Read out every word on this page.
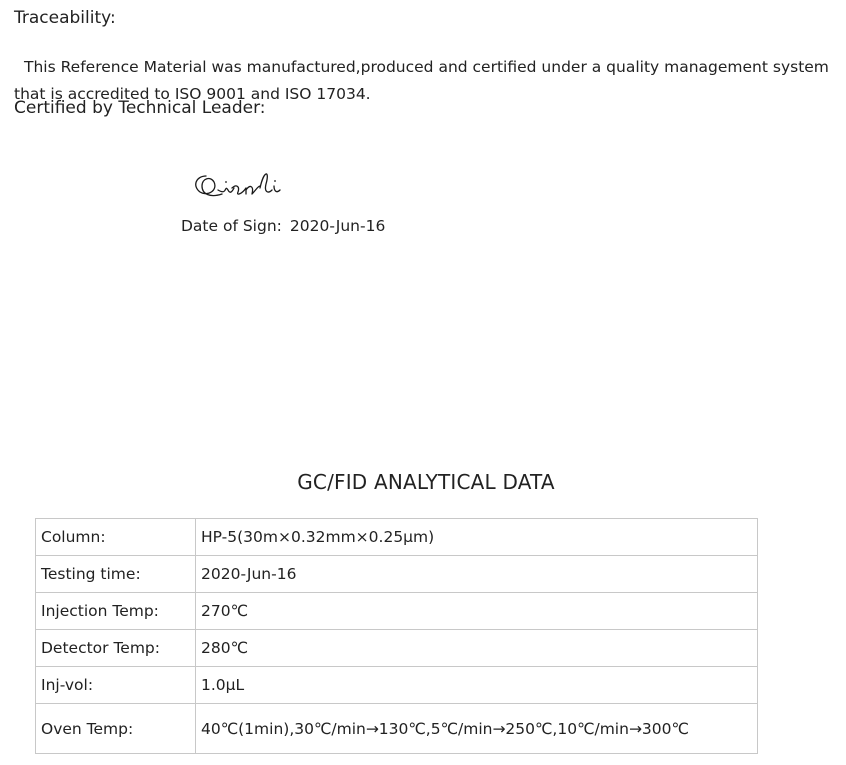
Traceability:
This Reference Material was manufactured,produced and certified under a quality management system that is accredited to ISO 9001 and ISO 17034.
Certified by Technical Leader:
Date of Sign: 2020-Jun-16
GC/FID ANALYTICAL DATA
Column:	HP-5(30m×0.32mm×0.25μm)
Testing time:	2020-Jun-16
Injection Temp:	270℃
Detector Temp:	280℃
Inj-vol:	1.0μL
Oven Temp:	40℃(1min),30℃/min→130℃,5℃/min→250℃,10℃/min→300℃
